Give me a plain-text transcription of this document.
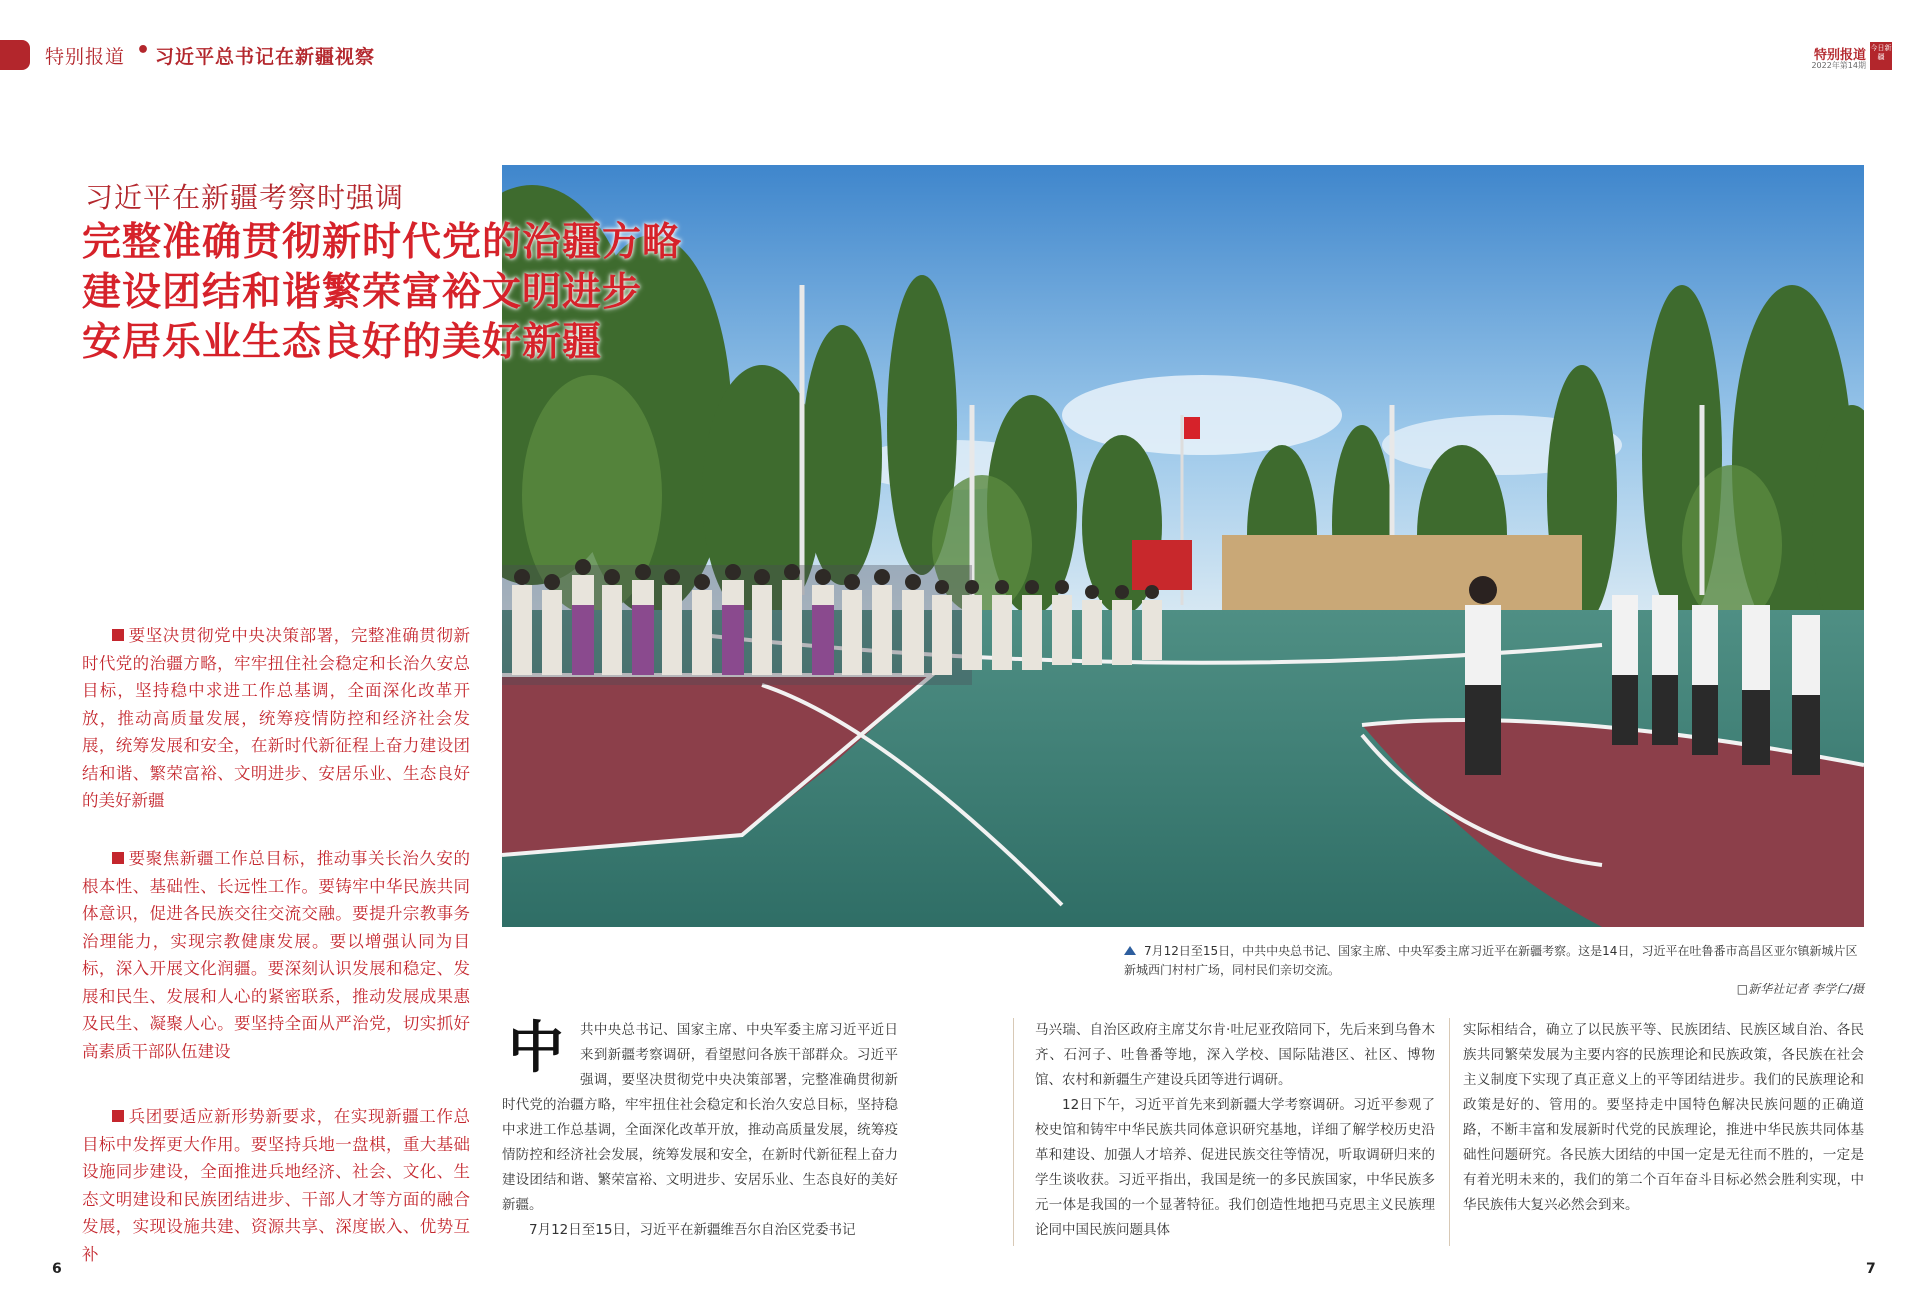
特别报道 • 习近平总书记在新疆视察	特别报道
2022年第14期
今日新疆
习近平在新疆考察时强调
完整准确贯彻新时代党的治疆方略
建设团结和谐繁荣富裕文明进步
安居乐业生态良好的美好新疆
要坚决贯彻党中央决策部署，完整准确贯彻新时代党的治疆方略，牢牢扭住社会稳定和长治久安总目标，坚持稳中求进工作总基调，全面深化改革开放，推动高质量发展，统筹疫情防控和经济社会发展，统筹发展和安全，在新时代新征程上奋力建设团结和谐、繁荣富裕、文明进步、安居乐业、生态良好的美好新疆
要聚焦新疆工作总目标，推动事关长治久安的根本性、基础性、长远性工作。要铸牢中华民族共同体意识，促进各民族交往交流交融。要提升宗教事务治理能力，实现宗教健康发展。要以增强认同为目标，深入开展文化润疆。要深刻认识发展和稳定、发展和民生、发展和人心的紧密联系，推动发展成果惠及民生、凝聚人心。要坚持全面从严治党，切实抓好高素质干部队伍建设
兵团要适应新形势新要求，在实现新疆工作总目标中发挥更大作用。要坚持兵地一盘棋，重大基础设施同步建设，全面推进兵地经济、社会、文化、生态文明建设和民族团结进步、干部人才等方面的融合发展，实现设施共建、资源共享、深度嵌入、优势互补
7月12日至15日，中共中央总书记、国家主席、中央军委主席习近平在新疆考察。这是14日，习近平在吐鲁番市高昌区亚尔镇新城片区新城西门村村广场，同村民们亲切交流。
□新华社记者 李学仁/摄
中	共中央总书记、国家主席、中央军委主席习近平近日来到新疆考察调研，看望慰问各族干部群众。习近平强调，要坚决贯彻党中央决策部署，完整准确贯彻新时代党的治疆方略，牢牢扭住社会稳定和长治久安总目标，坚持稳中求进工作总基调，全面深化改革开放，推动高质量发展，统筹疫情防控和经济社会发展，统筹发展和安全，在新时代新征程上奋力建设团结和谐、繁荣富裕、文明进步、安居乐业、生态良好的美好新疆。

7月12日至15日，习近平在新疆维吾尔自治区党委书记

马兴瑞、自治区政府主席艾尔肯·吐尼亚孜陪同下，先后来到乌鲁木齐、石河子、吐鲁番等地，深入学校、国际陆港区、社区、博物馆、农村和新疆生产建设兵团等进行调研。

12日下午，习近平首先来到新疆大学考察调研。习近平参观了校史馆和铸牢中华民族共同体意识研究基地，详细了解学校历史沿革和建设、加强人才培养、促进民族交往等情况，听取调研归来的学生谈收获。习近平指出，我国是统一的多民族国家，中华民族多元一体是我国的一个显著特征。我们创造性地把马克思主义民族理论同中国民族问题具体

实际相结合，确立了以民族平等、民族团结、民族区域自治、各民族共同繁荣发展为主要内容的民族理论和民族政策，各民族在社会主义制度下实现了真正意义上的平等团结进步。我们的民族理论和政策是好的、管用的。要坚持走中国特色解决民族问题的正确道路，不断丰富和发展新时代党的民族理论，推进中华民族共同体基础性问题研究。各民族大团结的中国一定是无往而不胜的，一定是有着光明未来的，我们的第二个百年奋斗目标必然会胜利实现，中华民族伟大复兴必然会到来。

6	7
